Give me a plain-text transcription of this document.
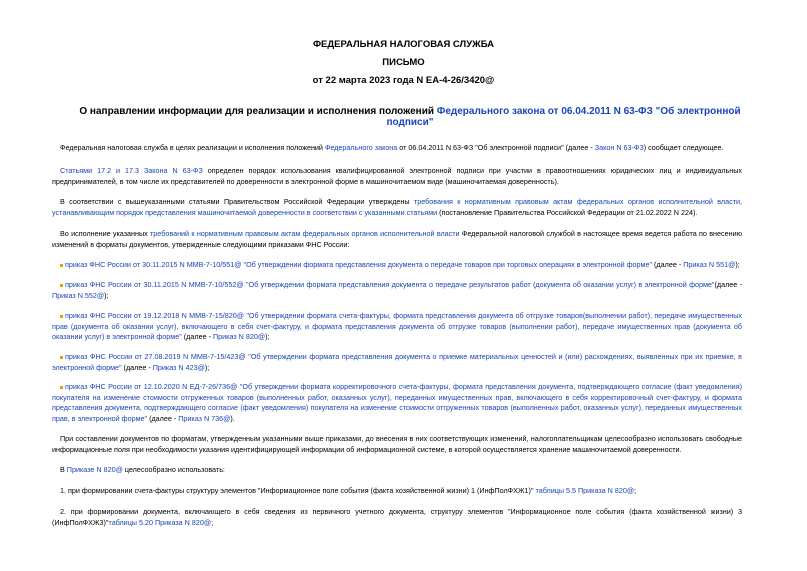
ФЕДЕРАЛЬНАЯ НАЛОГОВАЯ СЛУЖБА
ПИСЬМО
от 22 марта 2023 года N ЕА-4-26/3420@
О направлении информации для реализации и исполнения положений Федерального закона от 06.04.2011 N 63-ФЗ "Об электронной подписи"

Федеральная налоговая служба в целях реализации и исполнения положений Федерального закона от 06.04.2011 N 63-ФЗ "Об электронной подписи" (далее - Закон N 63-ФЗ) сообщает следующее.

Статьями 17.2 и 17.3 Закона N 63-ФЗ определен порядок использования квалифицированной электронной подписи при участии в правоотношениях юридических лиц и индивидуальных предпринимателей, в том числе их представителей по доверенности в электронной форме в машиночитаемом виде (машиночитаемая доверенность).

В соответствии с вышеуказанными статьями Правительством Российской Федерации утверждены требования к нормативным правовым актам федеральных органов исполнительной власти, устанавливающим порядок представления машиночитаемой доверенности в соответствии с указанными статьями (постановление Правительства Российской Федерации от 21.02.2022 N 224).

Во исполнение указанных требований к нормативным правовым актам федеральных органов исполнительной власти Федеральной налоговой службой в настоящее время ведется работа по внесению изменений в форматы документов, утвержденные следующими приказами ФНС России:

приказ ФНС России от 30.11.2015 N ММВ-7-10/551@ "Об утверждении формата представления документа о передаче товаров при торговых операциях в электронной форме" (далее - Приказ N 551@);

приказ ФНС России от 30.11.2015 N ММВ-7-10/552@ "Об утверждении формата представления документа о передаче результатов работ (документа об оказании услуг) в электронной форме"(далее - Приказ N 552@);

приказ ФНС России от 19.12.2018 N ММВ-7-15/820@ "Об утверждении формата счета-фактуры, формата представления документа об отгрузке товаров(выполнении работ), передаче имущественных прав (документа об оказании услуг), включающего в себя счет-фактуру, и формата представления документа об отгрузке товаров (выполнении работ), передаче имущественных прав (документа об оказании услуг) в электронной форме" (далее - Приказ N 820@);

приказ ФНС России от 27.08.2019 N ММВ-7-15/423@ "Об утверждении формата представления документа о приемке материальных ценностей и (или) расхождениях, выявленных при их приемке, в электронной форме" (далее - Приказ N 423@);

приказ ФНС России от 12.10.2020 N ЕД-7-26/736@ "Об утверждении формата корректировочного счета-фактуры, формата представления документа, подтверждающего согласие (факт уведомления) покупателя на изменение стоимости отгруженных товаров (выполненных работ, оказанных услуг), переданных имущественных прав, включающего в себя корректировочный счет-фактуру, и формата представления документа, подтверждающего согласие (факт уведомления) покупателя на изменение стоимости отгруженных товаров (выполненных работ, оказанных услуг), переданных имущественных прав, в электронной форме" (далее - Приказ N 736@).

При составлении документов по форматам, утвержденным указанными выше приказами, до внесения в них соответствующих изменений, налогоплательщикам целесообразно использовать свободные информационные поля при необходимости указания идентифицирующей информации об информационной системе, в которой осуществляется хранение машиночитаемой доверенности.

В Приказе N 820@ целесообразно использовать:

1. при формировании счета-фактуры структуру элементов "Информационное поле события (факта хозяйственной жизни) 1 (ИнфПолФХЖ1)" таблицы 5.5 Приказа N 820@;

2. при формировании документа, включающего в себя сведения из первичного учетного документа, структуру элементов "Информационное поле события (факта хозяйственной жизни) 3 (ИнфПолФХЖ3)"таблицы 5.20 Приказа N 820@;
